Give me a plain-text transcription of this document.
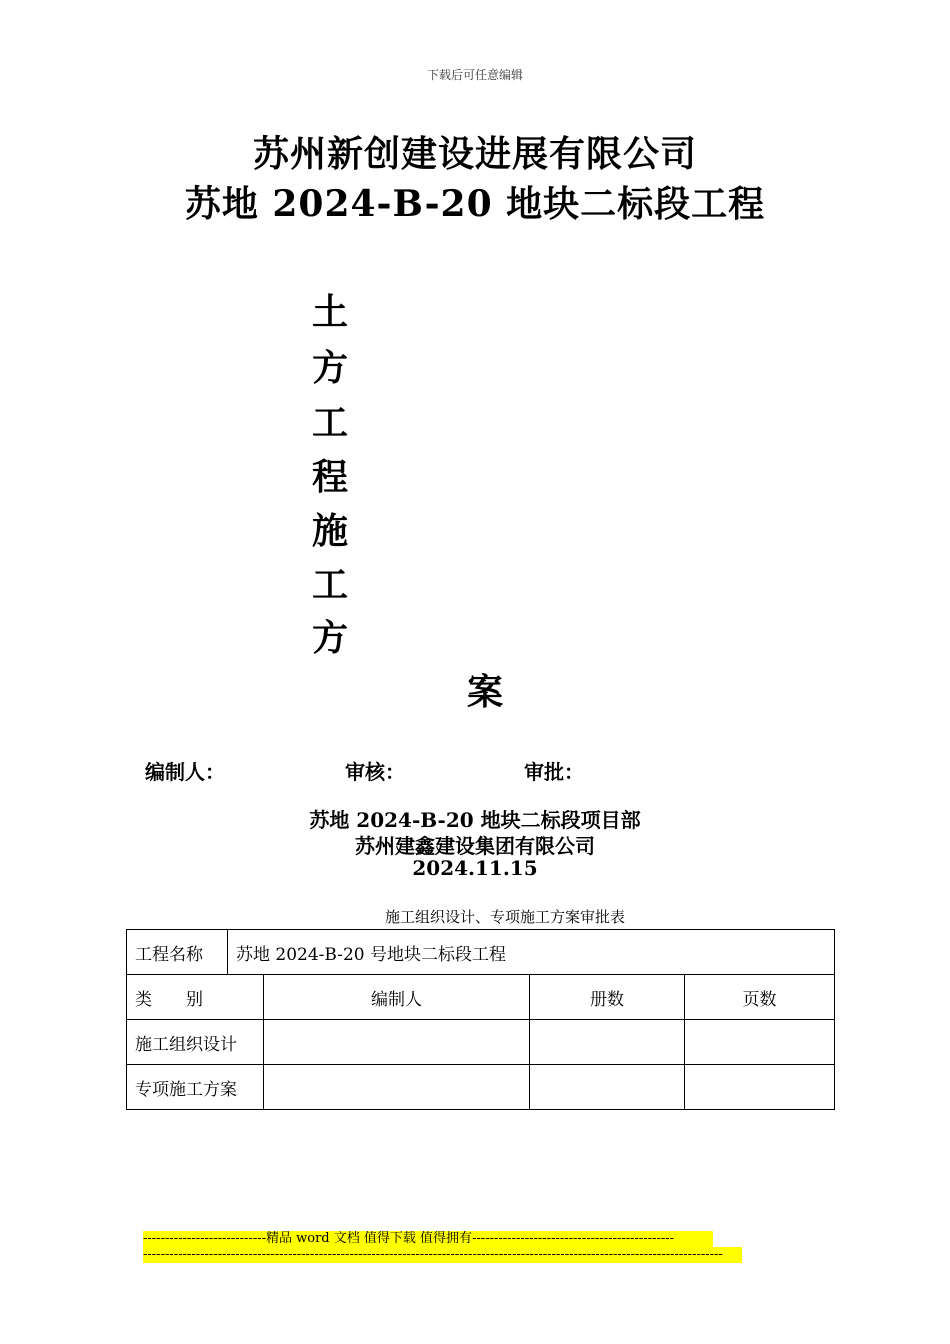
下载后可任意编辑
苏州新创建设进展有限公司
苏地 2024-B-20 地块二标段工程
土
方
工
程
施
工
方
案
编制人：	审核：	审批：
苏地 2024-B-20 地块二标段项目部
苏州建鑫建设集团有限公司
2024.11.15
施工组织设计、专项施工方案审批表
工程名称	苏地 2024-B-20 号地块二标段工程			
类　　别		编制人	册数	页数
施工组织设计				
专项施工方案				
----------------------------精品 word 文档 值得下载 值得拥有----------------------------------------------
------------------------------------------------------------------------------------------------------------------------------------
